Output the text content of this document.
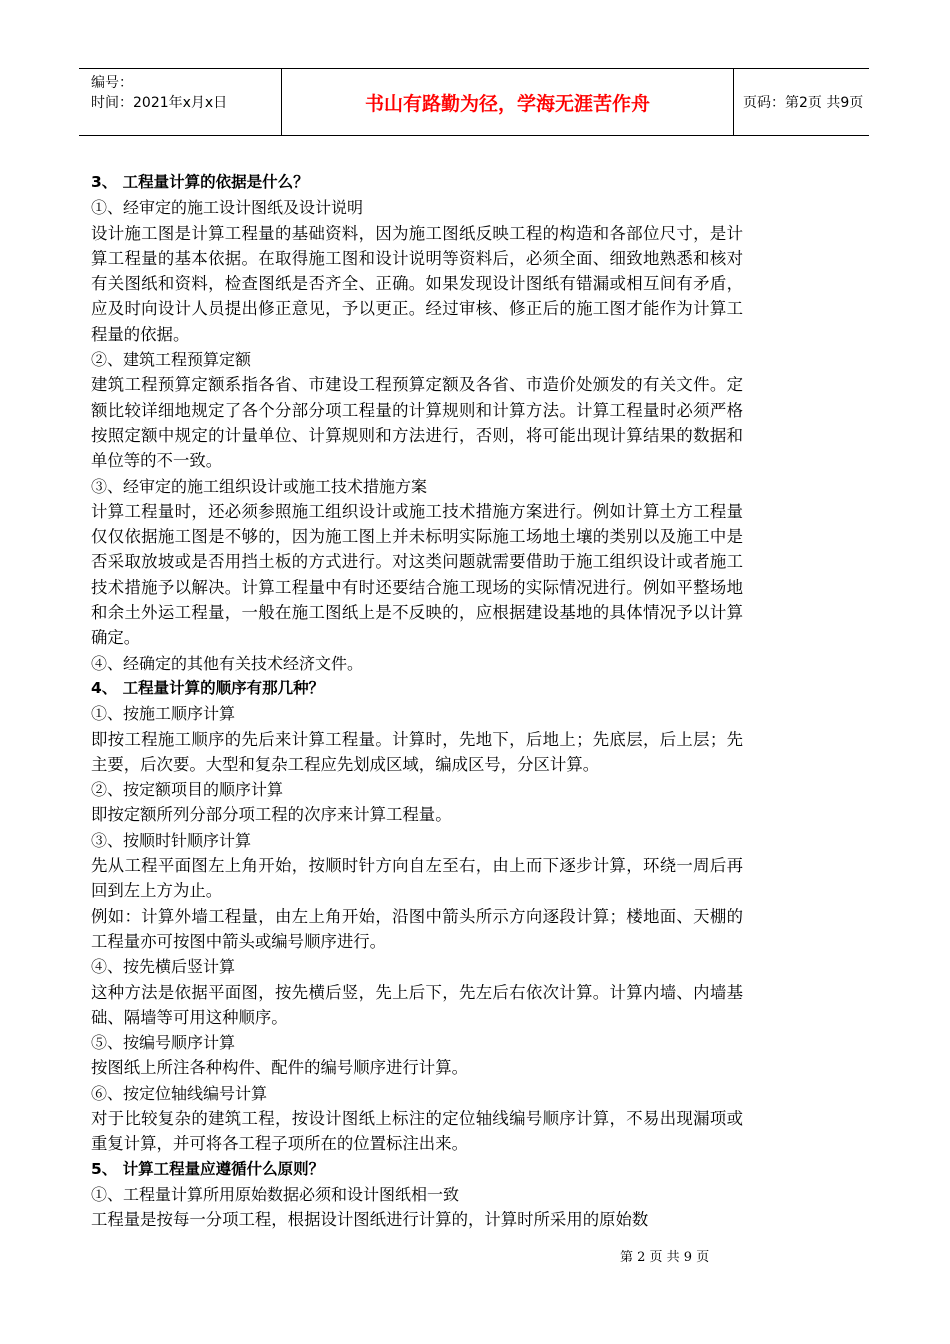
编号：
时间：2021年x月x日	书山有路勤为径，学海无涯苦作舟	页码：第2页 共9页

3、 工程量计算的依据是什么？

①、经审定的施工设计图纸及设计说明

设计施工图是计算工程量的基础资料，因为施工图纸反映工程的构造和各部位尺寸，是计算工程量的基本依据。在取得施工图和设计说明等资料后，必须全面、细致地熟悉和核对有关图纸和资料，检查图纸是否齐全、正确。如果发现设计图纸有错漏或相互间有矛盾，应及时向设计人员提出修正意见，予以更正。经过审核、修正后的施工图才能作为计算工程量的依据。

②、建筑工程预算定额

建筑工程预算定额系指各省、市建设工程预算定额及各省、市造价处颁发的有关文件。定额比较详细地规定了各个分部分项工程量的计算规则和计算方法。计算工程量时必须严格按照定额中规定的计量单位、计算规则和方法进行，否则，将可能出现计算结果的数据和单位等的不一致。

③、经审定的施工组织设计或施工技术措施方案

计算工程量时，还必须参照施工组织设计或施工技术措施方案进行。例如计算土方工程量仅仅依据施工图是不够的，因为施工图上并未标明实际施工场地土壤的类别以及施工中是否采取放坡或是否用挡土板的方式进行。对这类问题就需要借助于施工组织设计或者施工技术措施予以解决。计算工程量中有时还要结合施工现场的实际情况进行。例如平整场地和余土外运工程量，一般在施工图纸上是不反映的，应根据建设基地的具体情况予以计算确定。

④、经确定的其他有关技术经济文件。

4、 工程量计算的顺序有那几种？

①、按施工顺序计算

即按工程施工顺序的先后来计算工程量。计算时，先地下，后地上；先底层，后上层；先主要，后次要。大型和复杂工程应先划成区域，编成区号，分区计算。

②、按定额项目的顺序计算

即按定额所列分部分项工程的次序来计算工程量。

③、按顺时针顺序计算

先从工程平面图左上角开始，按顺时针方向自左至右，由上而下逐步计算，环绕一周后再回到左上方为止。

例如：计算外墙工程量，由左上角开始，沿图中箭头所示方向逐段计算；楼地面、天棚的工程量亦可按图中箭头或编号顺序进行。

④、按先横后竖计算

这种方法是依据平面图，按先横后竖，先上后下，先左后右依次计算。计算内墙、内墙基础、隔墙等可用这种顺序。

⑤、按编号顺序计算

按图纸上所注各种构件、配件的编号顺序进行计算。

⑥、按定位轴线编号计算

对于比较复杂的建筑工程，按设计图纸上标注的定位轴线编号顺序计算，不易出现漏项或重复计算，并可将各工程子项所在的位置标注出来。

5、 计算工程量应遵循什么原则？

①、工程量计算所用原始数据必须和设计图纸相一致

工程量是按每一分项工程，根据设计图纸进行计算的，计算时所采用的原始数

第 2 页 共 9 页
